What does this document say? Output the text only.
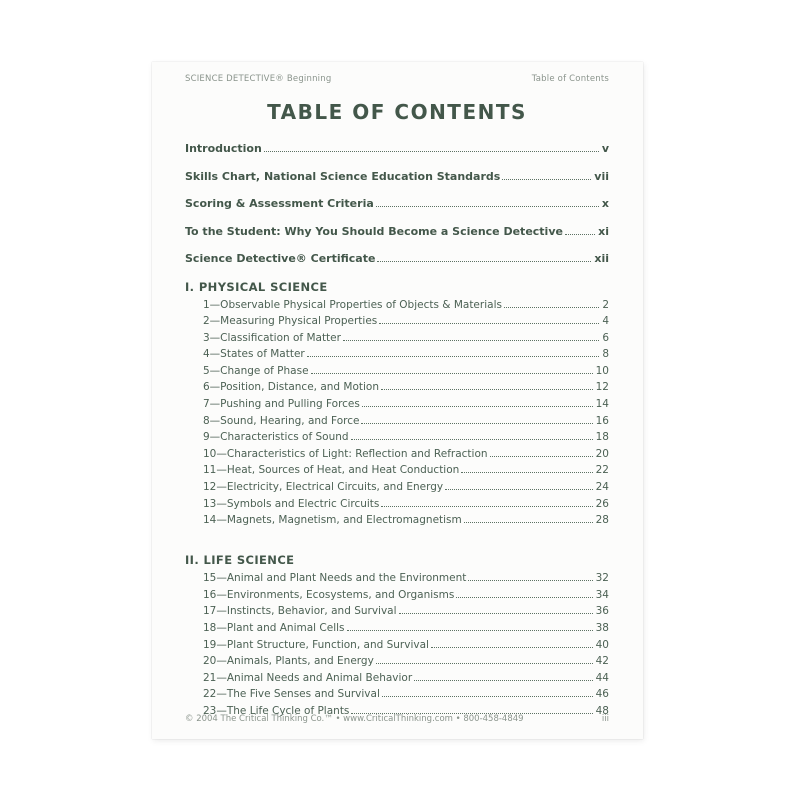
SCIENCE DETECTIVE® Beginning	Table of Contents
TABLE OF CONTENTS
Introduction	v
Skills Chart, National Science Education Standards	vii
Scoring & Assessment Criteria	x
To the Student: Why You Should Become a Science Detective	xi
Science Detective® Certificate	xii
I. PHYSICAL SCIENCE
1—Observable Physical Properties of Objects & Materials	2
2—Measuring Physical Properties	4
3—Classification of Matter	6
4—States of Matter	8
5—Change of Phase	10
6—Position, Distance, and Motion	12
7—Pushing and Pulling Forces	14
8—Sound, Hearing, and Force	16
9—Characteristics of Sound	18
10—Characteristics of Light: Reflection and Refraction	20
11—Heat, Sources of Heat, and Heat Conduction	22
12—Electricity, Electrical Circuits, and Energy	24
13—Symbols and Electric Circuits	26
14—Magnets, Magnetism, and Electromagnetism	28
II. LIFE SCIENCE
15—Animal and Plant Needs and the Environment	32
16—Environments, Ecosystems, and Organisms	34
17—Instincts, Behavior, and Survival	36
18—Plant and Animal Cells	38
19—Plant Structure, Function, and Survival	40
20—Animals, Plants, and Energy	42
21—Animal Needs and Animal Behavior	44
22—The Five Senses and Survival	46
23—The Life Cycle of Plants	48
© 2004 The Critical Thinking Co.™ • www.CriticalThinking.com • 800-458-4849	iii
